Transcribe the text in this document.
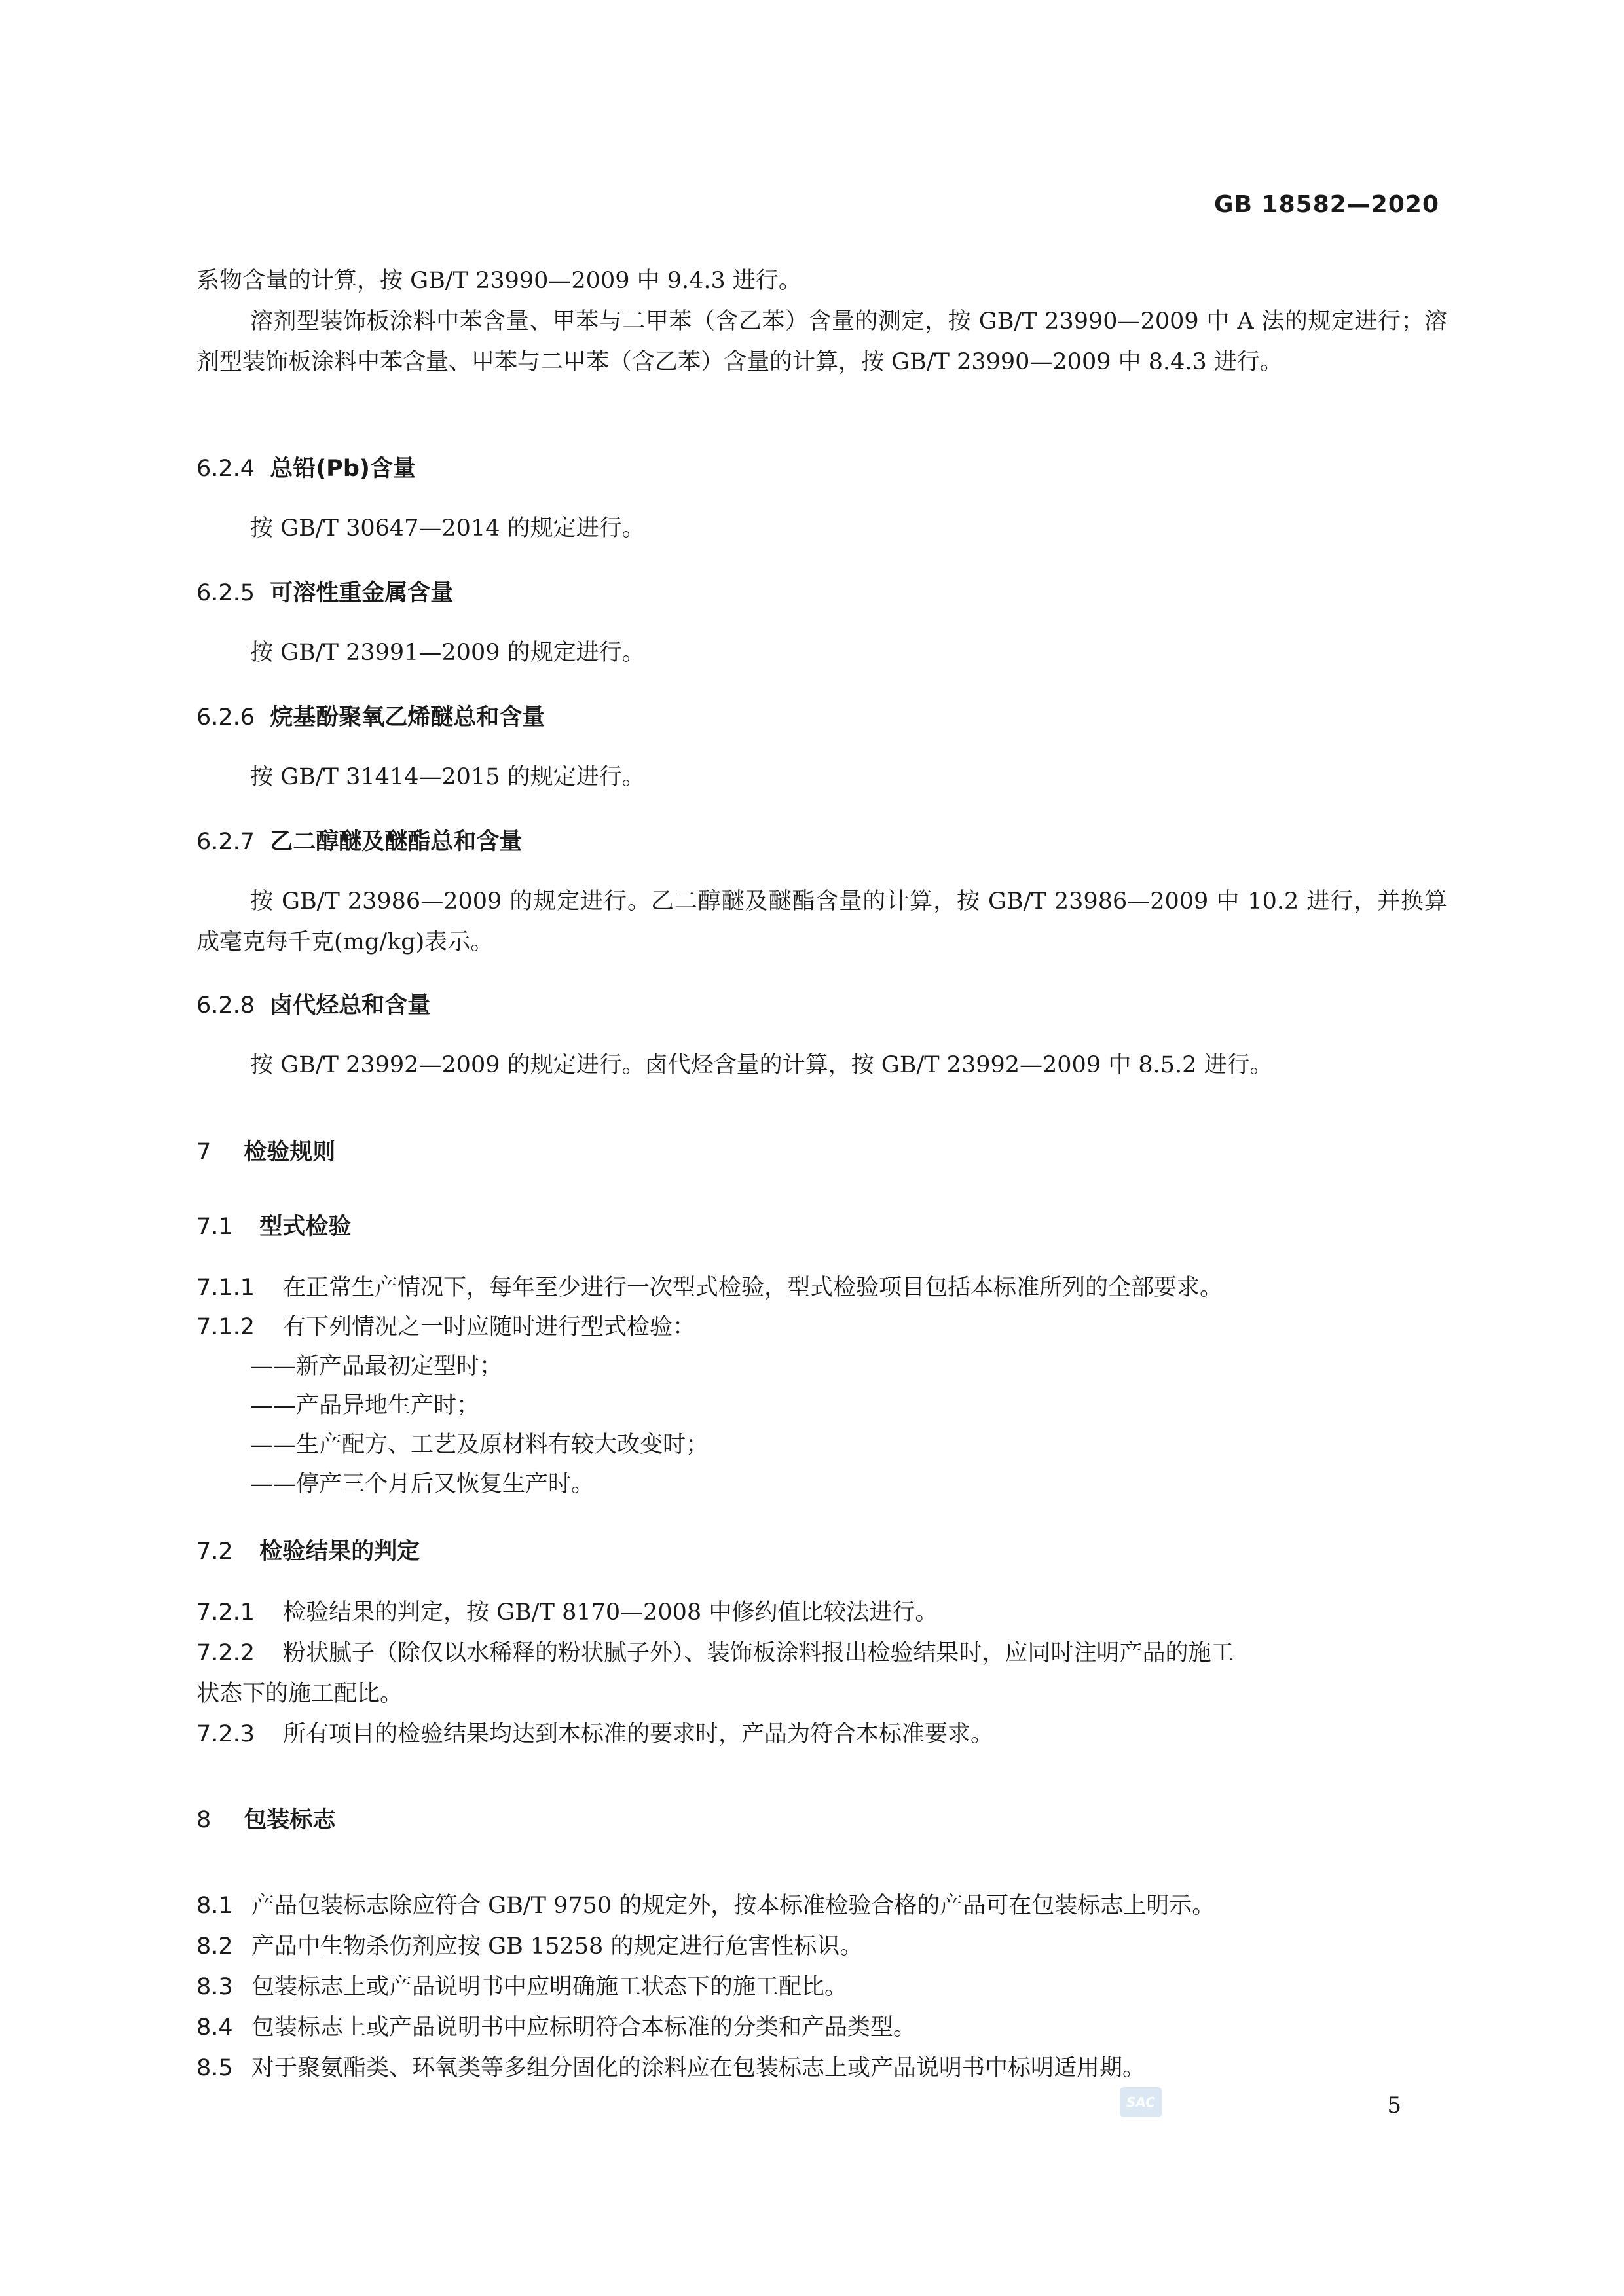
GB 18582—2020
系物含量的计算，按 GB/T 23990—2009 中 9.4.3 进行。
溶剂型装饰板涂料中苯含量、甲苯与二甲苯（含乙苯）含量的测定，按 GB/T 23990—2009 中 A 法的规定进行；溶剂型装饰板涂料中苯含量、甲苯与二甲苯（含乙苯）含量的计算，按 GB/T 23990—2009 中 8.4.3 进行。
6.2.4 总铅(Pb)含量
按 GB/T 30647—2014 的规定进行。
6.2.5 可溶性重金属含量
按 GB/T 23991—2009 的规定进行。
6.2.6 烷基酚聚氧乙烯醚总和含量
按 GB/T 31414—2015 的规定进行。
6.2.7 乙二醇醚及醚酯总和含量
按 GB/T 23986—2009 的规定进行。乙二醇醚及醚酯含量的计算，按 GB/T 23986—2009 中 10.2 进行，并换算成毫克每千克(mg/kg)表示。
6.2.8 卤代烃总和含量
按 GB/T 23992—2009 的规定进行。卤代烃含量的计算，按 GB/T 23992—2009 中 8.5.2 进行。
7 检验规则
7.1 型式检验
7.1.1 在正常生产情况下，每年至少进行一次型式检验，型式检验项目包括本标准所列的全部要求。
7.1.2 有下列情况之一时应随时进行型式检验：
——新产品最初定型时；
——产品异地生产时；
——生产配方、工艺及原材料有较大改变时；
——停产三个月后又恢复生产时。
7.2 检验结果的判定
7.2.1 检验结果的判定，按 GB/T 8170—2008 中修约值比较法进行。
7.2.2 粉状腻子（除仅以水稀释的粉状腻子外）、装饰板涂料报出检验结果时，应同时注明产品的施工
状态下的施工配比。
7.2.3 所有项目的检验结果均达到本标准的要求时，产品为符合本标准要求。
8 包装标志
8.1 产品包装标志除应符合 GB/T 9750 的规定外，按本标准检验合格的产品可在包装标志上明示。
8.2 产品中生物杀伤剂应按 GB 15258 的规定进行危害性标识。
8.3 包装标志上或产品说明书中应明确施工状态下的施工配比。
8.4 包装标志上或产品说明书中应标明符合本标准的分类和产品类型。
8.5 对于聚氨酯类、环氧类等多组分固化的涂料应在包装标志上或产品说明书中标明适用期。
SAC	5
